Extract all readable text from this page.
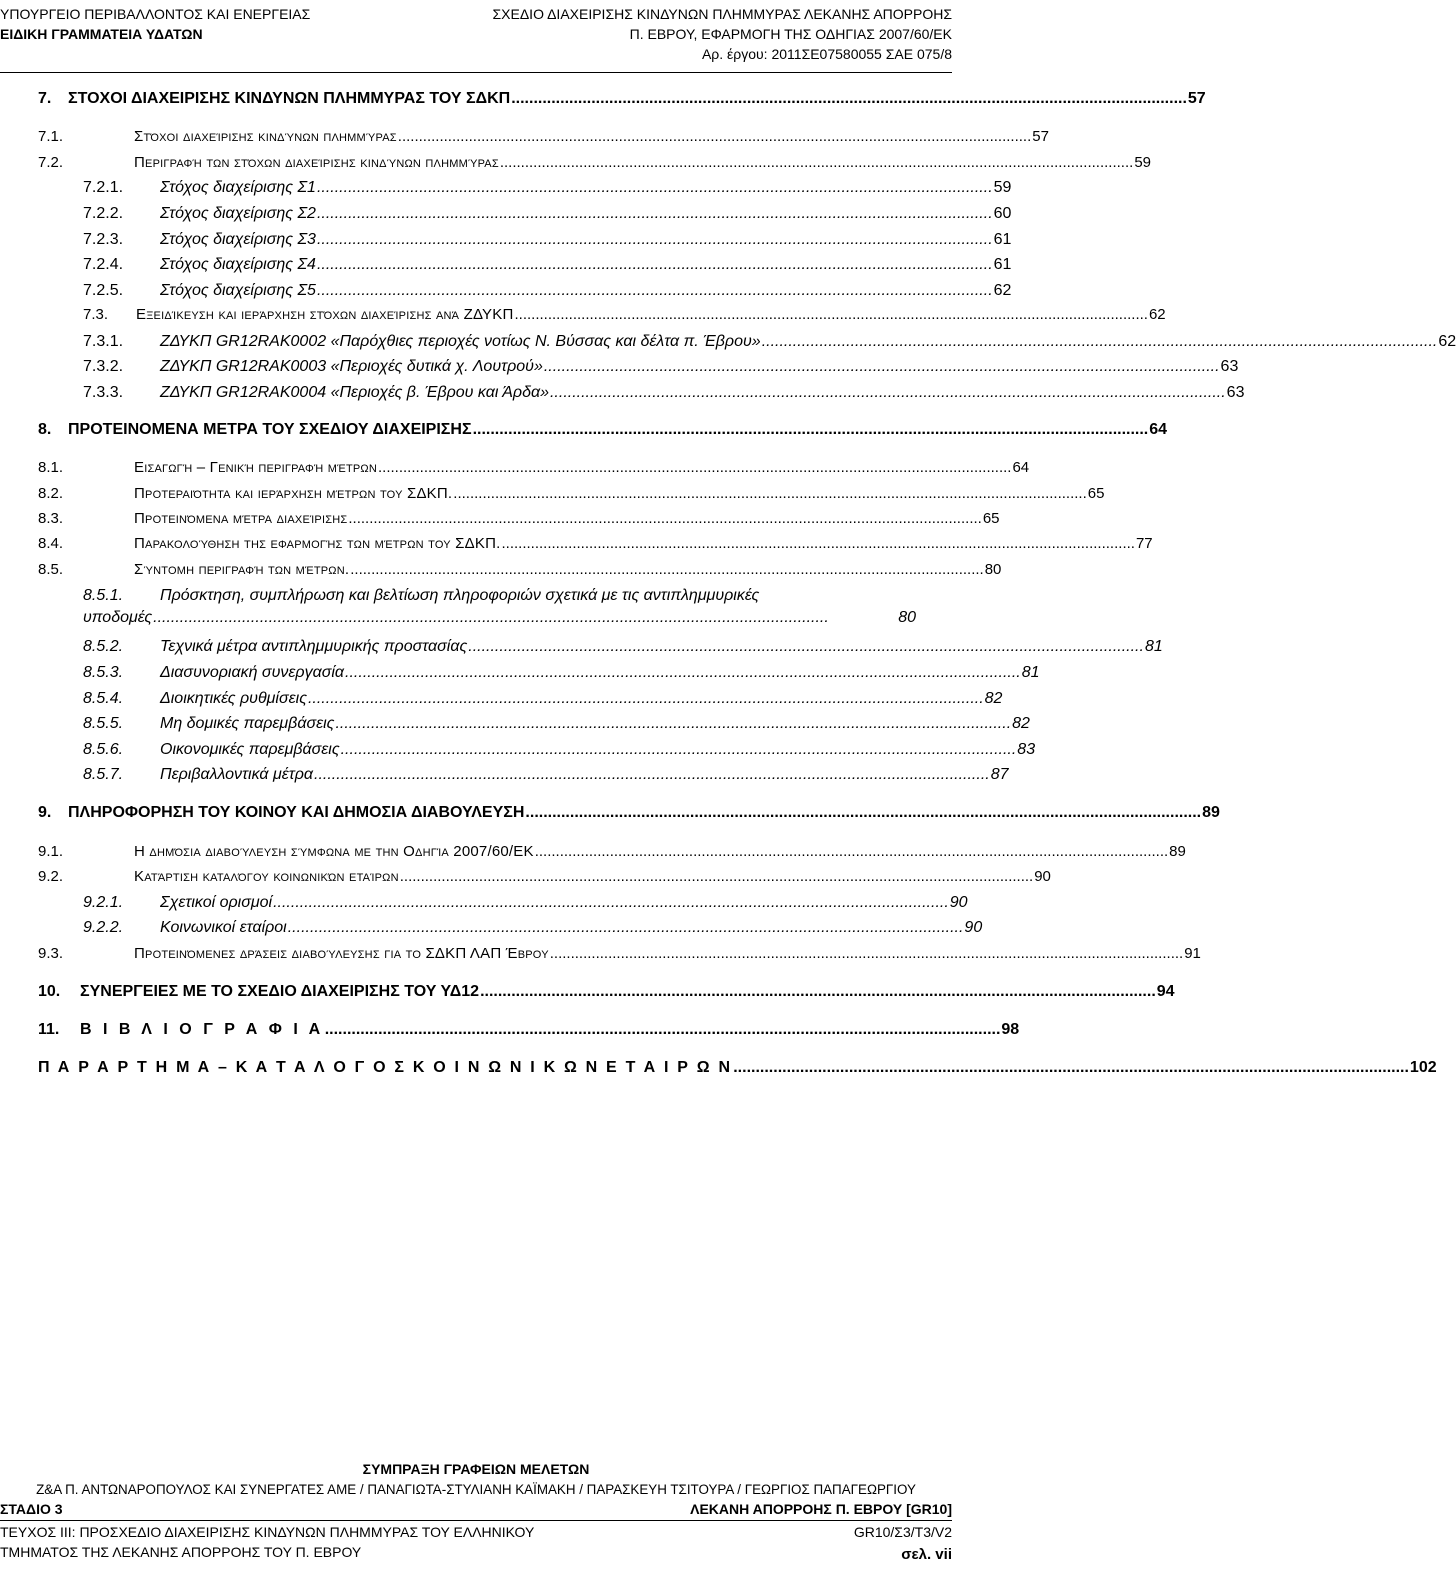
ΥΠΟΥΡΓΕΙΟ ΠΕΡΙΒΑΛΛΟΝΤΟΣ ΚΑΙ ΕΝΕΡΓΕΙΑΣ
ΕΙΔΙΚΗ ΓΡΑΜΜΑΤΕΙΑ ΥΔΑΤΩΝ
ΣΧΕΔΙΟ ΔΙΑΧΕΙΡΙΣΗΣ ΚΙΝΔΥΝΩΝ ΠΛΗΜΜΥΡΑΣ ΛΕΚΑΝΗΣ ΑΠΟΡΡΟΗΣ
Π. ΕΒΡΟΥ, ΕΦΑΡΜΟΓΗ ΤΗΣ ΟΔΗΓΙΑΣ 2007/60/ΕΚ
Αρ. έργου: 2011ΣΕ07580055 ΣΑΕ 075/8
7.	ΣΤΟΧΟΙ ΔΙΑΧΕΙΡΙΣΗΣ ΚΙΝΔΥΝΩΝ ΠΛΗΜΜΥΡΑΣ ΤΟΥ ΣΔΚΠ ........................................................................................................................................................ 57
7.1.	Στόχοι διαχείρισης κινδύνων πλημμύρας ........................................................................................................................................................ 57
7.2.	Περιγραφή των στόχων διαχείρισης κινδύνων πλημμύρας ........................................................................................................................................................ 59
7.2.1.	Στόχος διαχείρισης Σ1 ........................................................................................................................................................ 59
7.2.2.	Στόχος διαχείρισης Σ2 ........................................................................................................................................................ 60
7.2.3.	Στόχος διαχείρισης Σ3 ........................................................................................................................................................ 61
7.2.4.	Στόχος διαχείρισης Σ4 ........................................................................................................................................................ 61
7.2.5.	Στόχος διαχείρισης Σ5 ........................................................................................................................................................ 62
7.3.	Εξειδίκευση και ιεράρχηση στόχων διαχείρισης ανά ΖΔΥΚΠ ........................................................................................................................................................ 62
7.3.1.	ΖΔΥΚΠ GR12RAK0002 «Παρόχθιες περιοχές νοτίως Ν. Βύσσας και δέλτα π. Έβρου» ........................................................................................................................................................ 62
7.3.2.	ΖΔΥΚΠ GR12RAK0003 «Περιοχές δυτικά χ. Λουτρού» ........................................................................................................................................................ 63
7.3.3.	ΖΔΥΚΠ GR12RAK0004 «Περιοχές β. Έβρου και Άρδα» ........................................................................................................................................................ 63
8.	ΠΡΟΤΕΙΝΟΜΕΝΑ ΜΕΤΡΑ ΤΟΥ ΣΧΕΔΙΟΥ ΔΙΑΧΕΙΡΙΣΗΣ ........................................................................................................................................................ 64
8.1.	Εισαγωγή – Γενική περιγραφή μέτρων ........................................................................................................................................................ 64
8.2.	Προτεραιότητα και ιεράρχηση μέτρων του ΣΔΚΠ. ........................................................................................................................................................ 65
8.3.	Προτεινόμενα μέτρα διαχείρισης ........................................................................................................................................................ 65
8.4.	Παρακολούθηση της εφαρμογής των μέτρων του ΣΔΚΠ. ........................................................................................................................................................ 77
8.5.	Σύντομη περιγραφή των μέτρων. ........................................................................................................................................................ 80
8.5.1.	Πρόσκτηση, συμπλήρωση και βελτίωση πληροφοριών σχετικά με τις αντιπλημμυρικές
υποδομές ........................................................................................................................................................	80
8.5.2.	Τεχνικά μέτρα αντιπλημμυρικής προστασίας ........................................................................................................................................................ 81
8.5.3.	Διασυνοριακή συνεργασία ........................................................................................................................................................ 81
8.5.4.	Διοικητικές ρυθμίσεις ........................................................................................................................................................ 82
8.5.5.	Μη δομικές παρεμβάσεις ........................................................................................................................................................ 82
8.5.6.	Οικονομικές παρεμβάσεις ........................................................................................................................................................ 83
8.5.7.	Περιβαλλοντικά μέτρα ........................................................................................................................................................ 87
9.	ΠΛΗΡΟΦΟΡΗΣΗ ΤΟΥ ΚΟΙΝΟΥ ΚΑΙ ΔΗΜΟΣΙΑ ΔΙΑΒΟΥΛΕΥΣΗ ........................................................................................................................................................ 89
9.1.	Η δημόσια διαβούλευση σύμφωνα με την Οδηγία 2007/60/ΕΚ ........................................................................................................................................................ 89
9.2.	Κατάρτιση καταλόγου κοινωνικών εταίρων ........................................................................................................................................................ 90
9.2.1.	Σχετικοί ορισμοί ........................................................................................................................................................ 90
9.2.2.	Κοινωνικοί εταίροι ........................................................................................................................................................ 90
9.3.	Προτεινόμενες δράσεις διαβούλευσης για το ΣΔΚΠ ΛΑΠ Έβρου ........................................................................................................................................................ 91
10.	ΣΥΝΕΡΓΕΙΕΣ ΜΕ ΤΟ ΣΧΕΔΙΟ ΔΙΑΧΕΙΡΙΣΗΣ ΤΟΥ ΥΔ12 ........................................................................................................................................................ 94
11.	Β Ι Β Λ Ι Ο Γ Ρ Α Φ Ι Α ........................................................................................................................................................ 98
Π Α Ρ Α Ρ Τ Η Μ Α – Κ Α Τ Α Λ Ο Γ Ο Σ Κ Ο Ι Ν Ω Ν Ι Κ Ω Ν Ε Τ Α Ι Ρ Ω Ν ........................................................................................................................................................ 102
ΣΥΜΠΡΑΞΗ ΓΡΑΦΕΙΩΝ ΜΕΛΕΤΩΝ
Ζ&Α Π. ΑΝΤΩΝΑΡΟΠΟΥΛΟΣ ΚΑΙ ΣΥΝΕΡΓΑΤΕΣ ΑΜΕ / ΠΑΝΑΓΙΩΤΑ-ΣΤΥΛΙΑΝΗ ΚΑΪΜΑΚΗ / ΠΑΡΑΣΚΕΥΗ ΤΣΙΤΟΥΡΑ / ΓΕΩΡΓΙΟΣ ΠΑΠΑΓΕΩΡΓΙΟΥ
ΣΤΑΔΙΟ 3	ΛΕΚΑΝΗ ΑΠΟΡΡΟΗΣ Π. ΕΒΡΟΥ [GR10]
ΤΕΥΧΟΣ ΙΙΙ: ΠΡΟΣΧΕΔΙΟ ΔΙΑΧΕΙΡΙΣΗΣ ΚΙΝΔΥΝΩΝ ΠΛΗΜΜΥΡΑΣ ΤΟΥ ΕΛΛΗΝΙΚΟΥ	GR10/Σ3/Τ3/V2
ΤΜΗΜΑΤΟΣ ΤΗΣ ΛΕΚΑΝΗΣ ΑΠΟΡΡΟΗΣ ΤΟΥ Π. ΕΒΡΟΥ	σελ. vii
